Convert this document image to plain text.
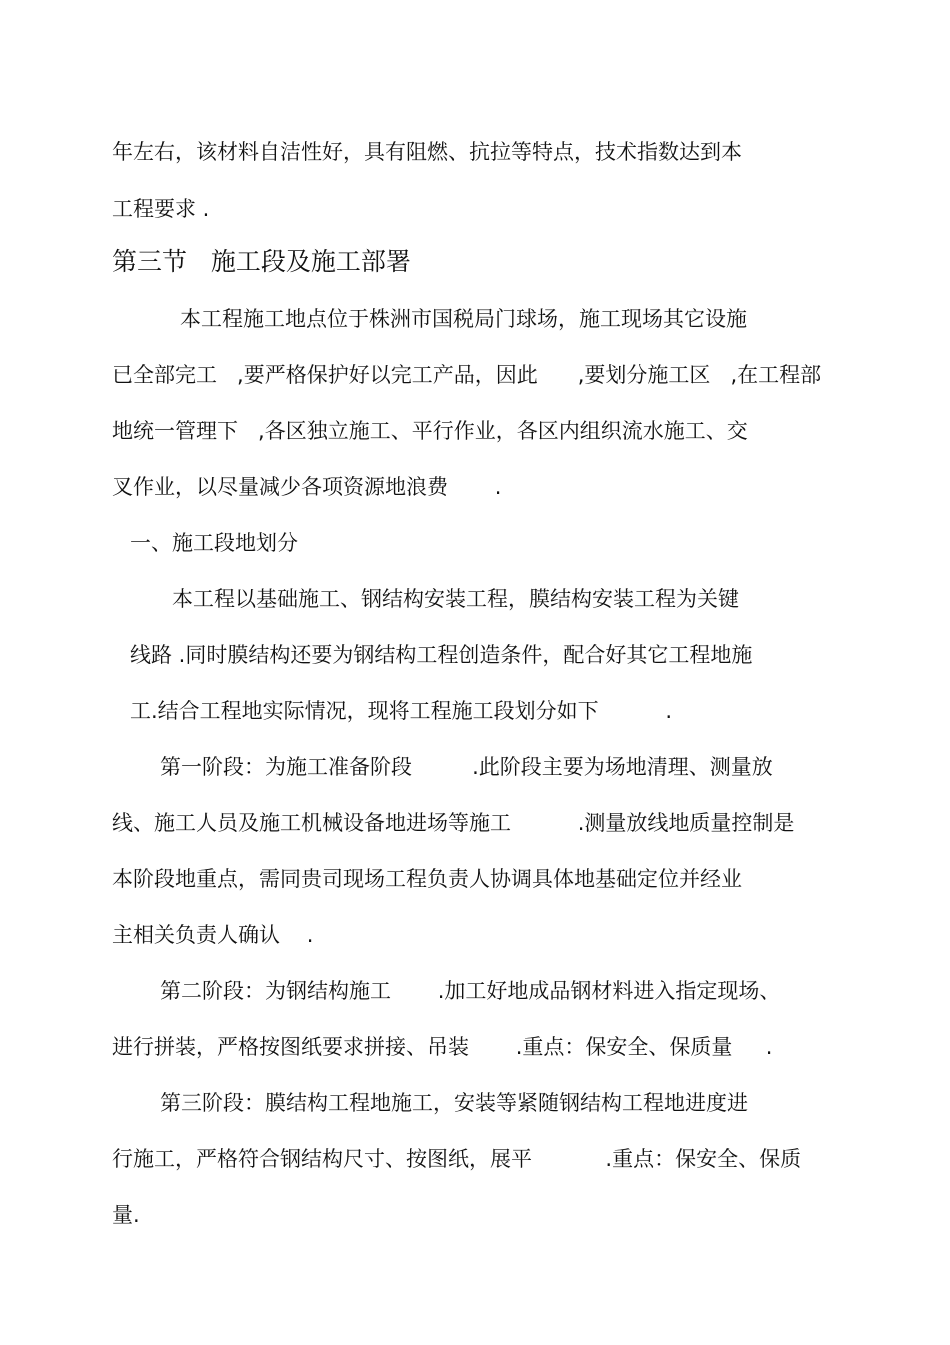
年左右，该材料自洁性好，具有阻燃、抗拉等特点，技术指数达到本

工程要求 .

第三节   施工段及施工部署

本工程施工地点位于株洲市国税局门球场，施工现场其它设施

已全部完工   ,要严格保护好以完工产品，因此      ,要划分施工区   ,在工程部

地统一管理下   ,各区独立施工、平行作业，各区内组织流水施工、交

叉作业，以尽量减少各项资源地浪费       .

一、施工段地划分

本工程以基础施工、钢结构安装工程，膜结构安装工程为关键

线路 .同时膜结构还要为钢结构工程创造条件，配合好其它工程地施

工.结合工程地实际情况，现将工程施工段划分如下          .

第一阶段：为施工准备阶段         .此阶段主要为场地清理、测量放

线、施工人员及施工机械设备地进场等施工          .测量放线地质量控制是

本阶段地重点，需同贵司现场工程负责人协调具体地基础定位并经业

主相关负责人确认    .

第二阶段：为钢结构施工       .加工好地成品钢材料进入指定现场、

进行拼装，严格按图纸要求拼接、吊装       .重点：保安全、保质量     .

第三阶段：膜结构工程地施工，安装等紧随钢结构工程地进度进

行施工，严格符合钢结构尺寸、按图纸，展平           .重点：保安全、保质

量.
